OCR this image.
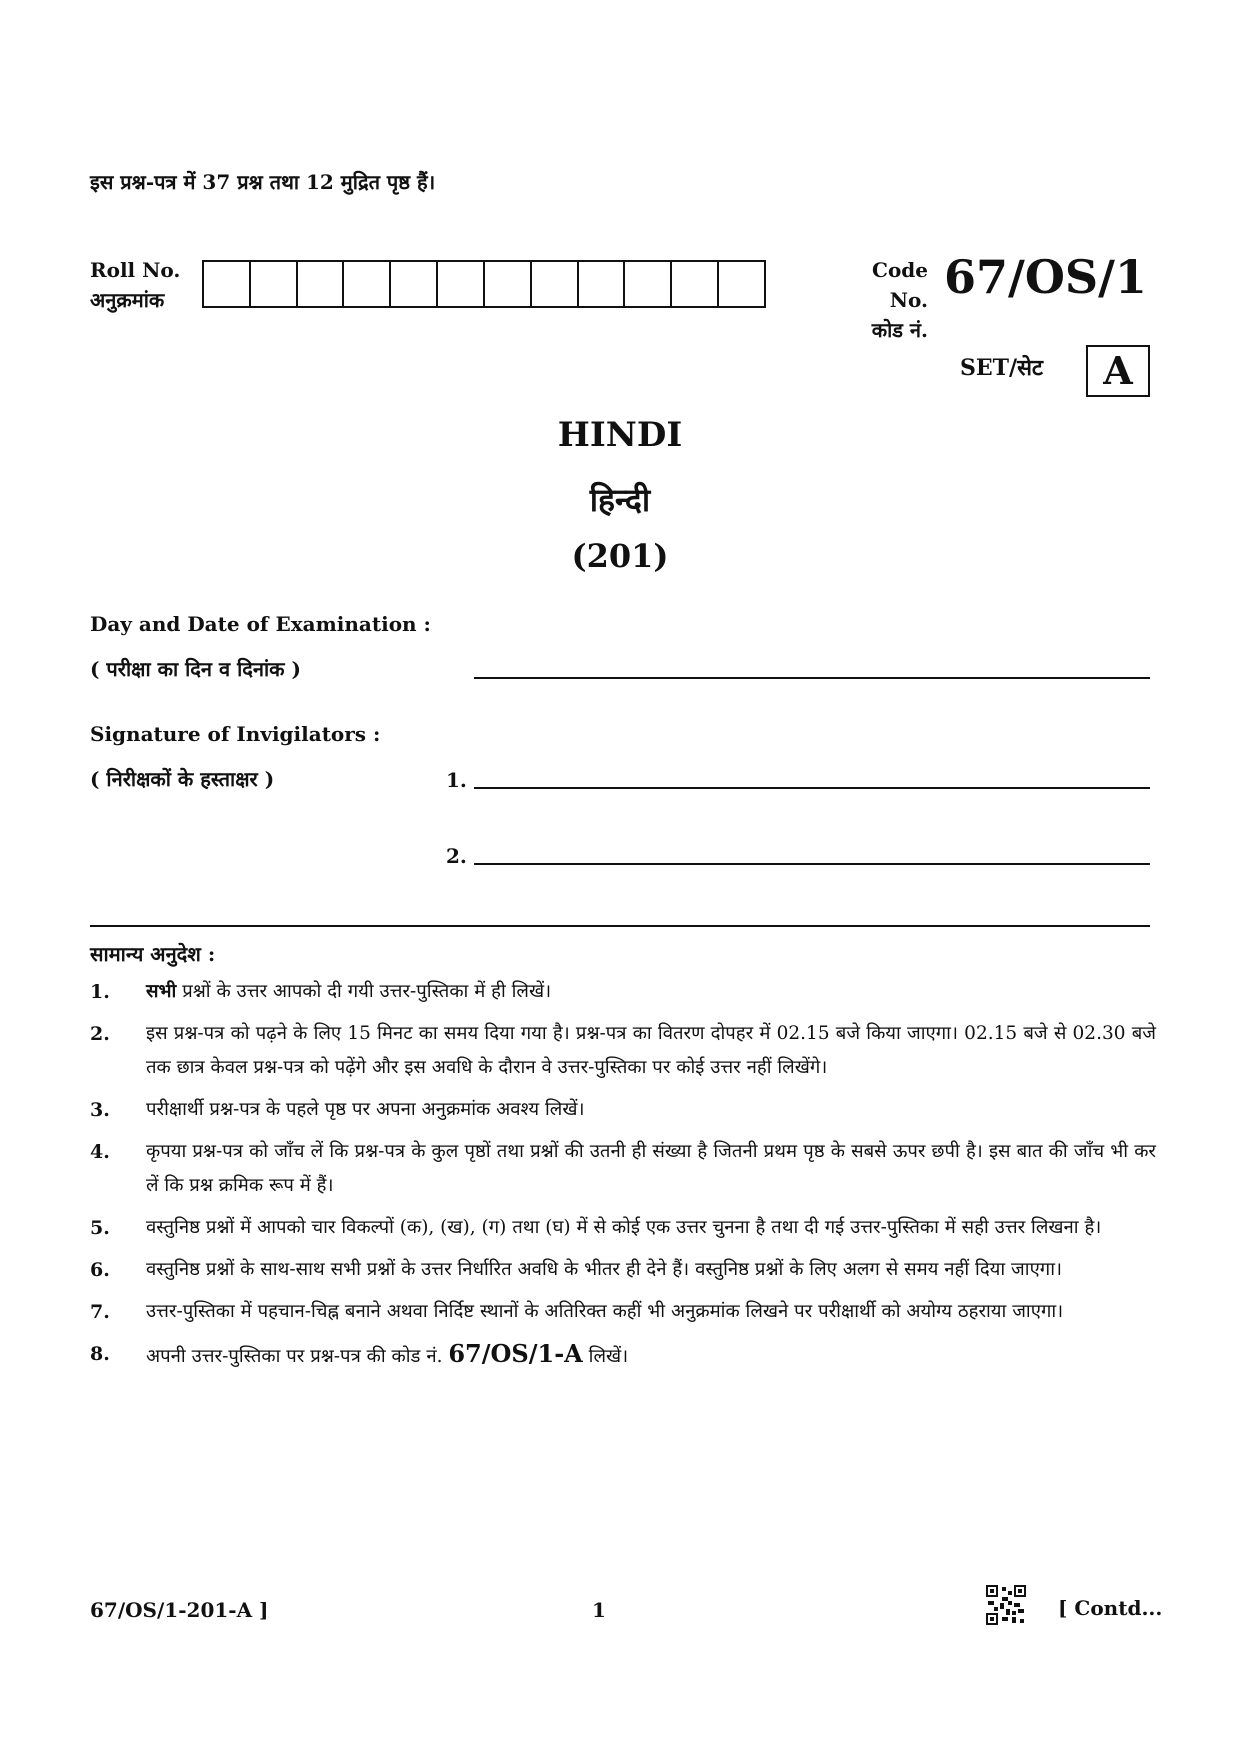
इस प्रश्न-पत्र में 37 प्रश्न तथा 12 मुद्रित पृष्ठ हैं।
Roll No.
अनुक्रमांक
Code No.
कोड नं.
67/OS/1
SET/सेट	A
HINDI
हिन्दी
(201)
Day and Date of Examination :
( परीक्षा का दिन व दिनांक )
Signature of Invigilators :
( निरीक्षकों के हस्ताक्षर )	1.
2.
सामान्य अनुदेश :
1.	सभी प्रश्नों के उत्तर आपको दी गयी उत्तर-पुस्तिका में ही लिखें।
2.	इस प्रश्न-पत्र को पढ़ने के लिए 15 मिनट का समय दिया गया है। प्रश्न-पत्र का वितरण दोपहर में 02.15 बजे किया जाएगा। 02.15 बजे से 02.30 बजे तक छात्र केवल प्रश्न-पत्र को पढ़ेंगे और इस अवधि के दौरान वे उत्तर-पुस्तिका पर कोई उत्तर नहीं लिखेंगे।
3.	परीक्षार्थी प्रश्न-पत्र के पहले पृष्ठ पर अपना अनुक्रमांक अवश्य लिखें।
4.	कृपया प्रश्न-पत्र को जाँच लें कि प्रश्न-पत्र के कुल पृष्ठों तथा प्रश्नों की उतनी ही संख्या है जितनी प्रथम पृष्ठ के सबसे ऊपर छपी है। इस बात की जाँच भी कर लें कि प्रश्न क्रमिक रूप में हैं।
5.	वस्तुनिष्ठ प्रश्नों में आपको चार विकल्पों (क), (ख), (ग) तथा (घ) में से कोई एक उत्तर चुनना है तथा दी गई उत्तर-पुस्तिका में सही उत्तर लिखना है।
6.	वस्तुनिष्ठ प्रश्नों के साथ-साथ सभी प्रश्नों के उत्तर निर्धारित अवधि के भीतर ही देने हैं। वस्तुनिष्ठ प्रश्नों के लिए अलग से समय नहीं दिया जाएगा।
7.	उत्तर-पुस्तिका में पहचान-चिह्न बनाने अथवा निर्दिष्ट स्थानों के अतिरिक्त कहीं भी अनुक्रमांक लिखने पर परीक्षार्थी को अयोग्य ठहराया जाएगा।
8.	अपनी उत्तर-पुस्तिका पर प्रश्न-पत्र की कोड नं. 67/OS/1-A लिखें।
67/OS/1-201-A ]	1	[ Contd...
